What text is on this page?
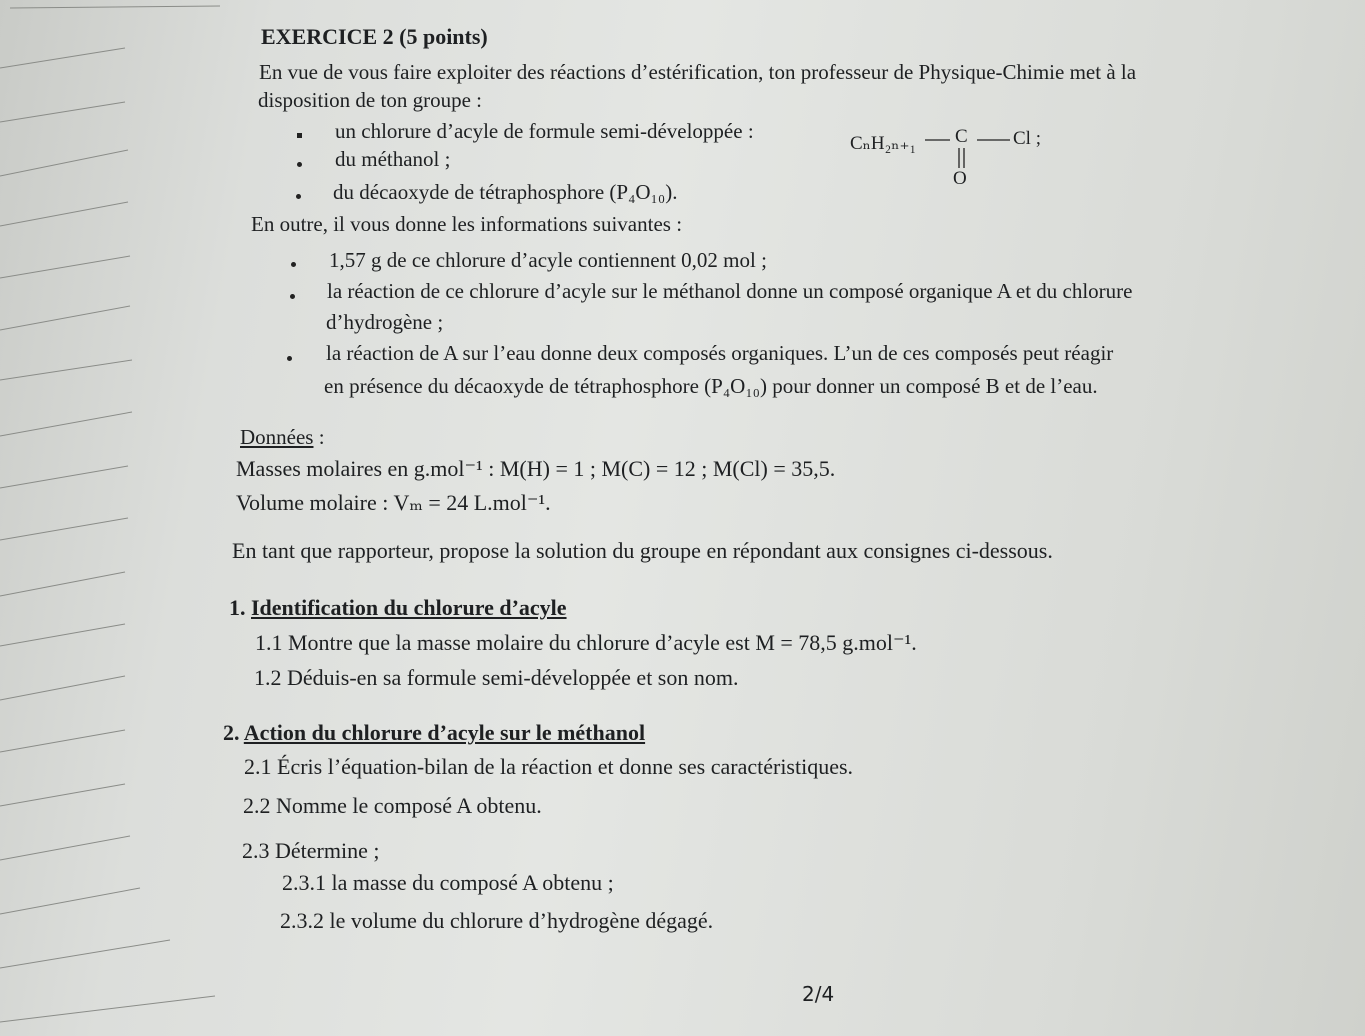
EXERCICE 2 (5 points)
En vue de vous faire exploiter des réactions d’estérification, ton professeur de Physique-Chimie met à la
disposition de ton groupe :
un chlorure d’acyle de formule semi-développée :
CₙH₂ₙ₊₁ C Cl ;
O
du méthanol ;
du décaoxyde de tétraphosphore (P₄O₁₀).
En outre, il vous donne les informations suivantes :
1,57 g de ce chlorure d’acyle contiennent 0,02 mol ;
la réaction de ce chlorure d’acyle sur le méthanol donne un composé organique A et du chlorure
d’hydrogène ;
la réaction de A sur l’eau donne deux composés organiques. L’un de ces composés peut réagir
en présence du décaoxyde de tétraphosphore (P₄O₁₀) pour donner un composé B et de l’eau.
Données :
Masses molaires en g.mol⁻¹ : M(H) = 1 ; M(C) = 12 ; M(Cl) = 35,5.
Volume molaire : Vₘ = 24 L.mol⁻¹.
En tant que rapporteur, propose la solution du groupe en répondant aux consignes ci-dessous.
1. Identification du chlorure d’acyle
1.1 Montre que la masse molaire du chlorure d’acyle est M = 78,5 g.mol⁻¹.
1.2 Déduis-en sa formule semi-développée et son nom.
2. Action du chlorure d’acyle sur le méthanol
2.1 Écris l’équation-bilan de la réaction et donne ses caractéristiques.
2.2 Nomme le composé A obtenu.
2.3 Détermine ;
2.3.1 la masse du composé A obtenu ;
2.3.2 le volume du chlorure d’hydrogène dégagé.
2/4
